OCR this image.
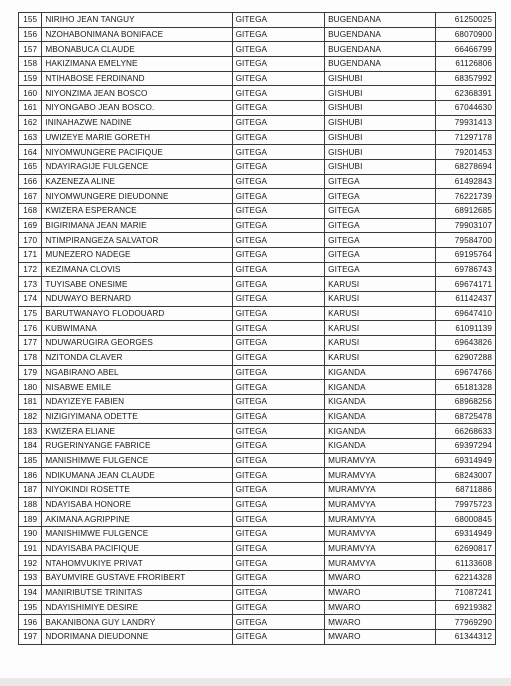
155	NIRIHO JEAN TANGUY	GITEGA	BUGENDANA	61250025
156	NZOHABONIMANA BONIFACE	GITEGA	BUGENDANA	68070900
157	MBONABUCA CLAUDE	GITEGA	BUGENDANA	66466799
158	HAKIZIMANA EMELYNE	GITEGA	BUGENDANA	61126806
159	NTIHABOSE FERDINAND	GITEGA	GISHUBI	68357992
160	NIYONZIMA JEAN BOSCO	GITEGA	GISHUBI	62368391
161	NIYONGABO JEAN BOSCO.	GITEGA	GISHUBI	67044630
162	ININAHAZWE NADINE	GITEGA	GISHUBI	79931413
163	UWIZEYE MARIE GORETH	GITEGA	GISHUBI	71297178
164	NIYOMWUNGERE PACIFIQUE	GITEGA	GISHUBI	79201453
165	NDAYIRAGIJE FULGENCE	GITEGA	GISHUBI	68278694
166	KAZENEZA ALINE	GITEGA	GITEGA	61492843
167	NIYOMWUNGERE DIEUDONNE	GITEGA	GITEGA	76221739
168	KWIZERA ESPERANCE	GITEGA	GITEGA	68912685
169	BIGIRIMANA JEAN MARIE	GITEGA	GITEGA	79903107
170	NTIMPIRANGEZA SALVATOR	GITEGA	GITEGA	79584700
171	MUNEZERO NADEGE	GITEGA	GITEGA	69195764
172	KEZIMANA CLOVIS	GITEGA	GITEGA	69786743
173	TUYISABE ONESIME	GITEGA	KARUSI	69674171
174	NDUWAYO BERNARD	GITEGA	KARUSI	61142437
175	BARUTWANAYO FLODOUARD	GITEGA	KARUSI	69647410
176	KUBWIMANA	GITEGA	KARUSI	61091139
177	NDUWARUGIRA GEORGES	GITEGA	KARUSI	69643826
178	NZITONDA CLAVER	GITEGA	KARUSI	62907288
179	NGABIRANO ABEL	GITEGA	KIGANDA	69674766
180	NISABWE EMILE	GITEGA	KIGANDA	65181328
181	NDAYIZEYE FABIEN	GITEGA	KIGANDA	68968256
182	NIZIGIYIMANA ODETTE	GITEGA	KIGANDA	68725478
183	KWIZERA ELIANE	GITEGA	KIGANDA	66268633
184	RUGERINYANGE FABRICE	GITEGA	KIGANDA	69397294
185	MANISHIMWE FULGENCE	GITEGA	MURAMVYA	69314949
186	NDIKUMANA JEAN CLAUDE	GITEGA	MURAMVYA	68243007
187	NIYOKINDI ROSETTE	GITEGA	MURAMVYA	68711886
188	NDAYISABA HONORE	GITEGA	MURAMVYA	79975723
189	AKIMANA AGRIPPINE	GITEGA	MURAMVYA	68000845
190	MANISHIMWE FULGENCE	GITEGA	MURAMVYA	69314949
191	NDAYISABA PACIFIQUE	GITEGA	MURAMVYA	62690817
192	NTAHOMVUKIYE PRIVAT	GITEGA	MURAMVYA	61133608
193	BAYUMVIRE GUSTAVE FRORIBERT	GITEGA	MWARO	62214328
194	MANIRIBUTSE TRINITAS	GITEGA	MWARO	71087241
195	NDAYISHIMIYE DESIRE	GITEGA	MWARO	69219382
196	BAKANIBONA GUY LANDRY	GITEGA	MWARO	77969290
197	NDORIMANA DIEUDONNE	GITEGA	MWARO	61344312
